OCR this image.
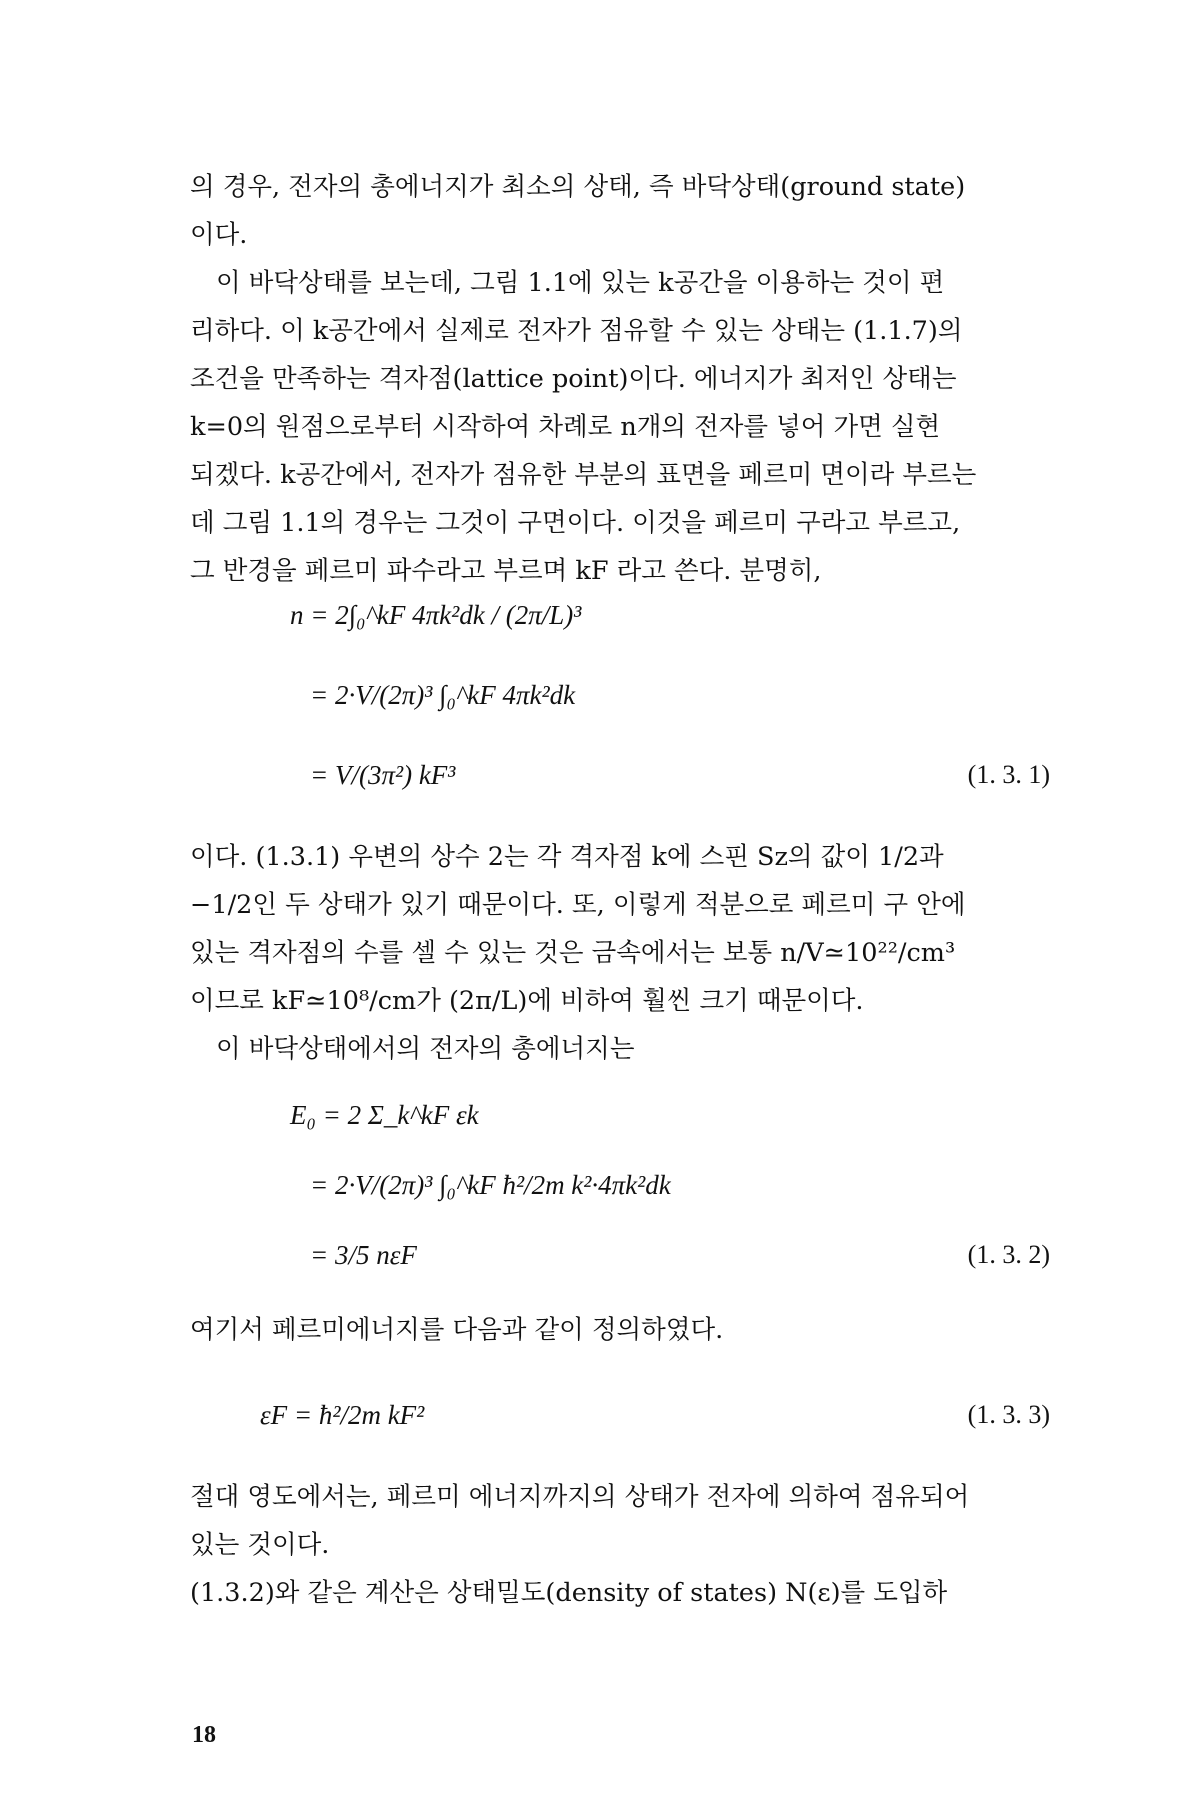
의 경우, 전자의 총에너지가 최소의 상태, 즉 바닥상태(ground state)
이다.

이 바닥상태를 보는데, 그림 1.1에 있는 k공간을 이용하는 것이 편
리하다. 이 k공간에서 실제로 전자가 점유할 수 있는 상태는 (1.1.7)의
조건을 만족하는 격자점(lattice point)이다. 에너지가 최저인 상태는
k=0의 원점으로부터 시작하여 차례로 n개의 전자를 넣어 가면 실현
되겠다. k공간에서, 전자가 점유한 부분의 표면을 페르미 면이라 부르는
데 그림 1.1의 경우는 그것이 구면이다. 이것을 페르미 구라고 부르고,
그 반경을 페르미 파수라고 부르며 kF 라고 쓴다. 분명히,

n = 2∫₀^kF 4πk²dk / (2π/L)³
= 2·V/(2π)³ ∫₀^kF 4πk²dk
= V/(3π²) kF³	(1. 3. 1)

이다. (1.3.1) 우변의 상수 2는 각 격자점 k에 스핀 Sz의 값이 1/2과
−1/2인 두 상태가 있기 때문이다. 또, 이렇게 적분으로 페르미 구 안에
있는 격자점의 수를 셀 수 있는 것은 금속에서는 보통 n/V≃10²²/cm³
이므로 kF≃10⁸/cm가 (2π/L)에 비하여 훨씬 크기 때문이다.

이 바닥상태에서의 전자의 총에너지는

E₀ = 2 Σ_k^kF εk
= 2·V/(2π)³ ∫₀^kF ħ²/2m k²·4πk²dk
= 3/5 nεF	(1. 3. 2)

여기서 페르미에너지를 다음과 같이 정의하였다.

εF = ħ²/2m kF²	(1. 3. 3)

절대 영도에서는, 페르미 에너지까지의 상태가 전자에 의하여 점유되어
있는 것이다.

(1.3.2)와 같은 계산은 상태밀도(density of states) N(ε)를 도입하

18
